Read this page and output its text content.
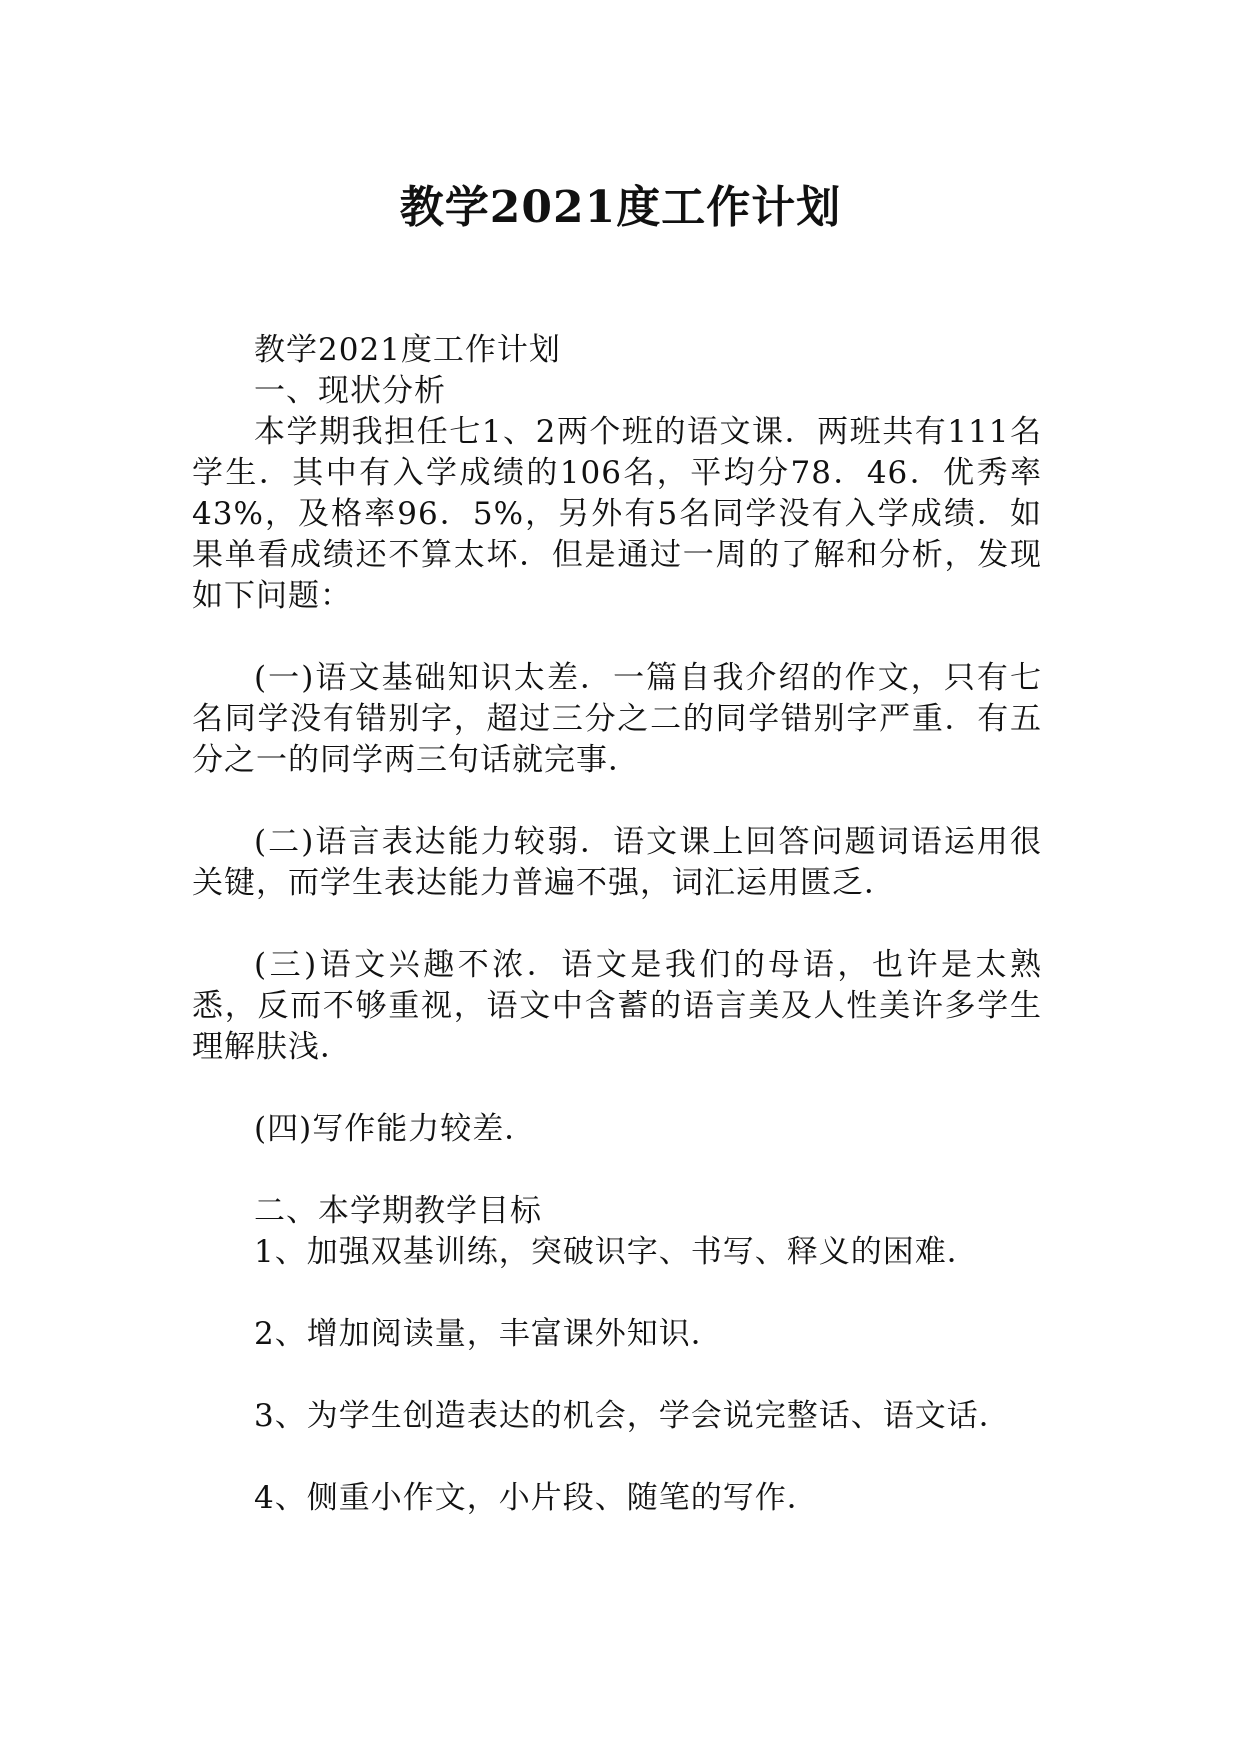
教学2021度工作计划

教学2021度工作计划

一、现状分析

本学期我担任七1、2两个班的语文课．两班共有111名学生．其中有入学成绩的106名，平均分78．46．优秀率43%，及格率96．5%，另外有5名同学没有入学成绩．如果单看成绩还不算太坏．但是通过一周的了解和分析，发现如下问题：

(一)语文基础知识太差．一篇自我介绍的作文，只有七名同学没有错别字，超过三分之二的同学错别字严重．有五分之一的同学两三句话就完事．

(二)语言表达能力较弱．语文课上回答问题词语运用很关键，而学生表达能力普遍不强，词汇运用匮乏．

(三)语文兴趣不浓．语文是我们的母语，也许是太熟悉，反而不够重视，语文中含蓄的语言美及人性美许多学生理解肤浅．

(四)写作能力较差．

二、本学期教学目标

1、加强双基训练，突破识字、书写、释义的困难．

2、增加阅读量，丰富课外知识．

3、为学生创造表达的机会，学会说完整话、语文话．

4、侧重小作文，小片段、随笔的写作．
